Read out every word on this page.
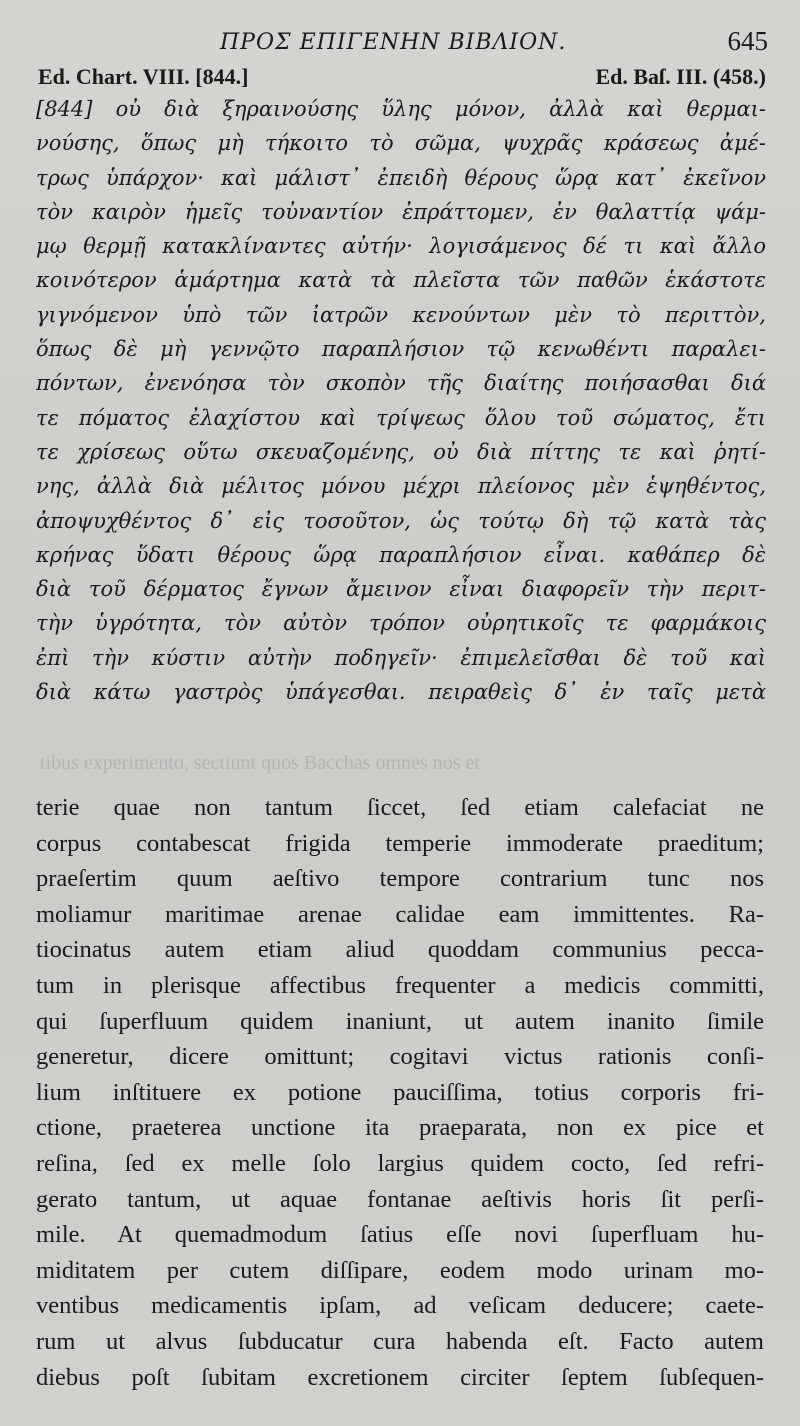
ΠΡΟΣ ΕΠΙΓΕΝΗΝ ΒΙΒΛΙΟΝ.	645
Ed. Chart. VIII. [844.]	Ed. Baſ. III. (458.)
[844] οὐ διὰ ξηραινούσης ὕλης μόνον, ἀλλὰ καὶ θερμαι-
νούσης, ὅπως μὴ τήκοιτο τὸ σῶμα, ψυχρᾶς κράσεως ἀμέ-
τρως ὑπάρχον· καὶ μάλιστ᾽ ἐπειδὴ θέρους ὥρᾳ κατ᾽ ἐκεῖνον
τὸν καιρὸν ἡμεῖς τοὐναντίον ἐπράττομεν, ἐν θαλαττίᾳ ψάμ-
μῳ θερμῇ κατακλίναντες αὐτήν· λογισάμενος δέ τι καὶ ἄλλο
κοινότερον ἁμάρτημα κατὰ τὰ πλεῖστα τῶν παθῶν ἑκάστοτε
γιγνόμενον ὑπὸ τῶν ἰατρῶν κενούντων μὲν τὸ περιττὸν,
ὅπως δὲ μὴ γεννῷτο παραπλήσιον τῷ κενωθέντι παραλει-
πόντων, ἐνενόησα τὸν σκοπὸν τῆς διαίτης ποιήσασθαι διά
τε πόματος ἐλαχίστου καὶ τρίψεως ὅλου τοῦ σώματος, ἔτι
τε χρίσεως οὕτω σκευαζομένης, οὐ διὰ πίττης τε καὶ ῥητί-
νης, ἀλλὰ διὰ μέλιτος μόνου μέχρι πλείονος μὲν ἑψηθέντος,
ἀποψυχθέντος δ᾽ εἰς τοσοῦτον, ὡς τούτῳ δὴ τῷ κατὰ τὰς
κρήνας ὕδατι θέρους ὥρᾳ παραπλήσιον εἶναι. καθάπερ δὲ
διὰ τοῦ δέρματος ἔγνων ἄμεινον εἶναι διαφορεῖν τὴν περιτ-
τὴν ὑγρότητα, τὸν αὐτὸν τρόπον οὐρητικοῖς τε φαρμάκοις
ἐπὶ τὴν κύστιν αὐτὴν ποδηγεῖν· ἐπιμελεῖσθαι δὲ τοῦ καὶ
διὰ κάτω γαστρὸς ὑπάγεσθαι. πειραθεὶς δ᾽ ἐν ταῖς μετὰ
tibus experimento, sectiunt quos Bacchas omnes nos et
terie quae non tantum ſiccet, ſed etiam calefaciat ne
corpus contabescat frigida temperie immoderate praeditum;
praeſertim quum aeſtivo tempore contrarium tunc nos
moliamur maritimae arenae calidae eam immittentes. Ra-
tiocinatus autem etiam aliud quoddam communius pecca-
tum in plerisque affectibus frequenter a medicis committi,
qui ſuperfluum quidem inaniunt, ut autem inanito ſimile
generetur, dicere omittunt; cogitavi victus rationis conſi-
lium inſtituere ex potione pauciſſima, totius corporis fri-
ctione, praeterea unctione ita praeparata, non ex pice et
reſina, ſed ex melle ſolo largius quidem cocto, ſed refri-
gerato tantum, ut aquae fontanae aeſtivis horis ſit perſi-
mile. At quemadmodum ſatius eſſe novi ſuperfluam hu-
miditatem per cutem diſſipare, eodem modo urinam mo-
ventibus medicamentis ipſam, ad veſicam deducere; caete-
rum ut alvus ſubducatur cura habenda eſt. Facto autem
diebus poſt ſubitam excretionem circiter ſeptem ſubſequen-
